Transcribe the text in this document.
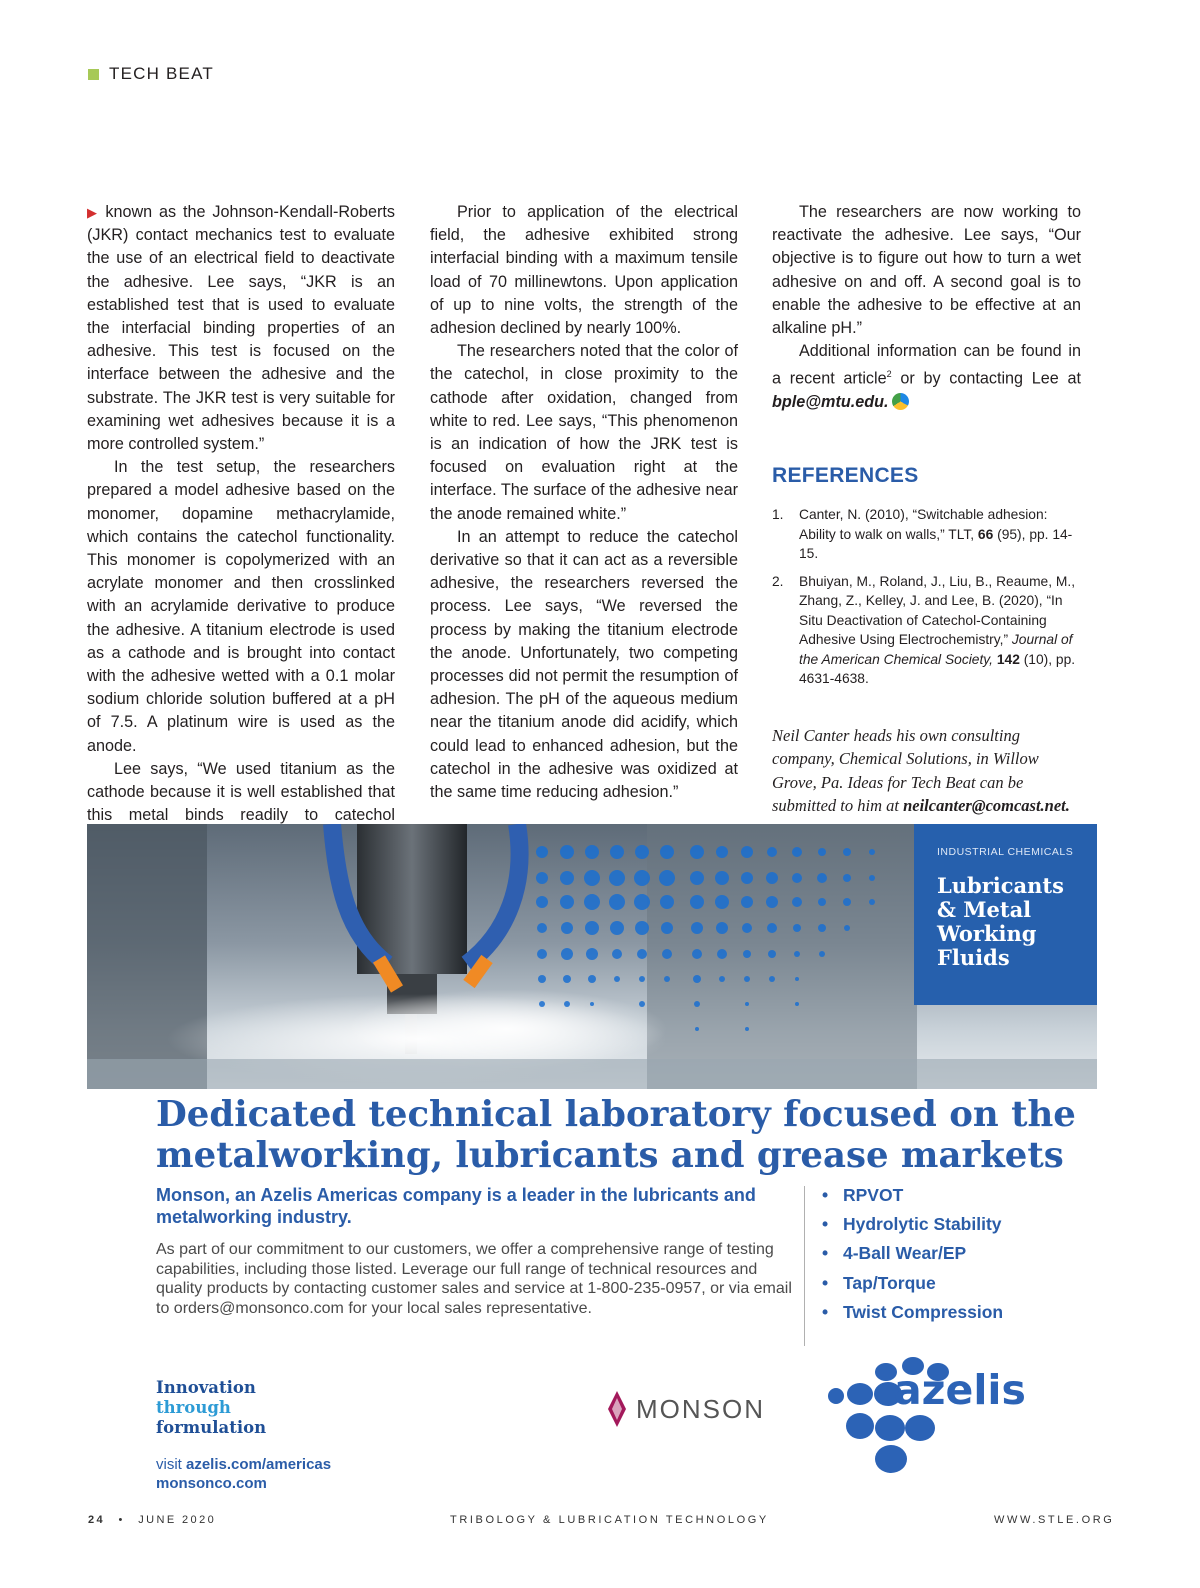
TECH BEAT

▶ known as the Johnson-Kendall-Roberts (JKR) contact mechanics test to evaluate the use of an electrical field to deactivate the adhesive. Lee says, “JKR is an established test that is used to evaluate the interfacial binding properties of an adhesive. This test is focused on the interface between the adhesive and the substrate. The JKR test is very suitable for examining wet adhesives because it is a more controlled system.”

In the test setup, the researchers prepared a model adhesive based on the monomer, dopamine methacrylamide, which contains the catechol functionality. This monomer is copolymerized with an acrylate monomer and then crosslinked with an acrylamide derivative to produce the adhesive. A titanium electrode is used as a cathode and is brought into contact with the adhesive wetted with a 0.1 molar sodium chloride solution buffered at a pH of 7.5. A platinum wire is used as the anode.

Lee says, “We used titanium as the cathode because it is well established that this metal binds readily to catechol

Prior to application of the electrical field, the adhesive exhibited strong interfacial binding with a maximum tensile load of 70 millinewtons. Upon application of up to nine volts, the strength of the adhesion declined by nearly 100%.

The researchers noted that the color of the catechol, in close proximity to the cathode after oxidation, changed from white to red. Lee says, “This phenomenon is an indication of how the JRK test is focused on evaluation right at the interface. The surface of the adhesive near the anode remained white.”

In an attempt to reduce the catechol derivative so that it can act as a reversible adhesive, the researchers reversed the process. Lee says, “We reversed the process by making the titanium electrode the anode. Unfortunately, two competing processes did not permit the resumption of adhesion. The pH of the aqueous medium near the titanium anode did acidify, which could lead to enhanced adhesion, but the catechol in the adhesive was oxidized at the same time reducing adhesion.”

The researchers are now working to reactivate the adhesive. Lee says, “Our objective is to figure out how to turn a wet adhesive on and off. A second goal is to enable the adhesive to be effective at an alkaline pH.”

Additional information can be found in a recent article$^2$ or by contacting Lee at bple@mtu.edu.

REFERENCES
1.	Canter, N. (2010), “Switchable adhesion: Ability to walk on walls,” TLT, 66 (95), pp. 14-15.
2.	Bhuiyan, M., Roland, J., Liu, B., Reaume, M., Zhang, Z., Kelley, J. and Lee, B. (2020), “In Situ Deactivation of Catechol-Containing Adhesive Using Electrochemistry,” Journal of the American Chemical Society, 142 (10), pp. 4631-4638.
Neil Canter heads his own consulting company, Chemical Solutions, in Willow Grove, Pa. Ideas for Tech Beat can be submitted to him at neilcanter@comcast.net.
INDUSTRIAL CHEMICALS
Lubricants & Metal Working Fluids
Dedicated technical laboratory focused on the metalworking, lubricants and grease markets
Monson, an Azelis Americas company is a leader in the lubricants and metalworking industry.
As part of our commitment to our customers, we offer a comprehensive range of testing capabilities, including those listed. Leverage our full range of technical resources and quality products by contacting customer sales and service at 1-800-235-0957, or via email to orders@monsonco.com for your local sales representative.
• RPVOT
• Hydrolytic Stability
• 4-Ball Wear/EP
• Tap/Torque
• Twist Compression
Innovation
through
formulation
visit azelis.com/americas
monsonco.com
MONSON	azelis
24 • JUNE 2020	TRIBOLOGY & LUBRICATION TECHNOLOGY	WWW.STLE.ORG
